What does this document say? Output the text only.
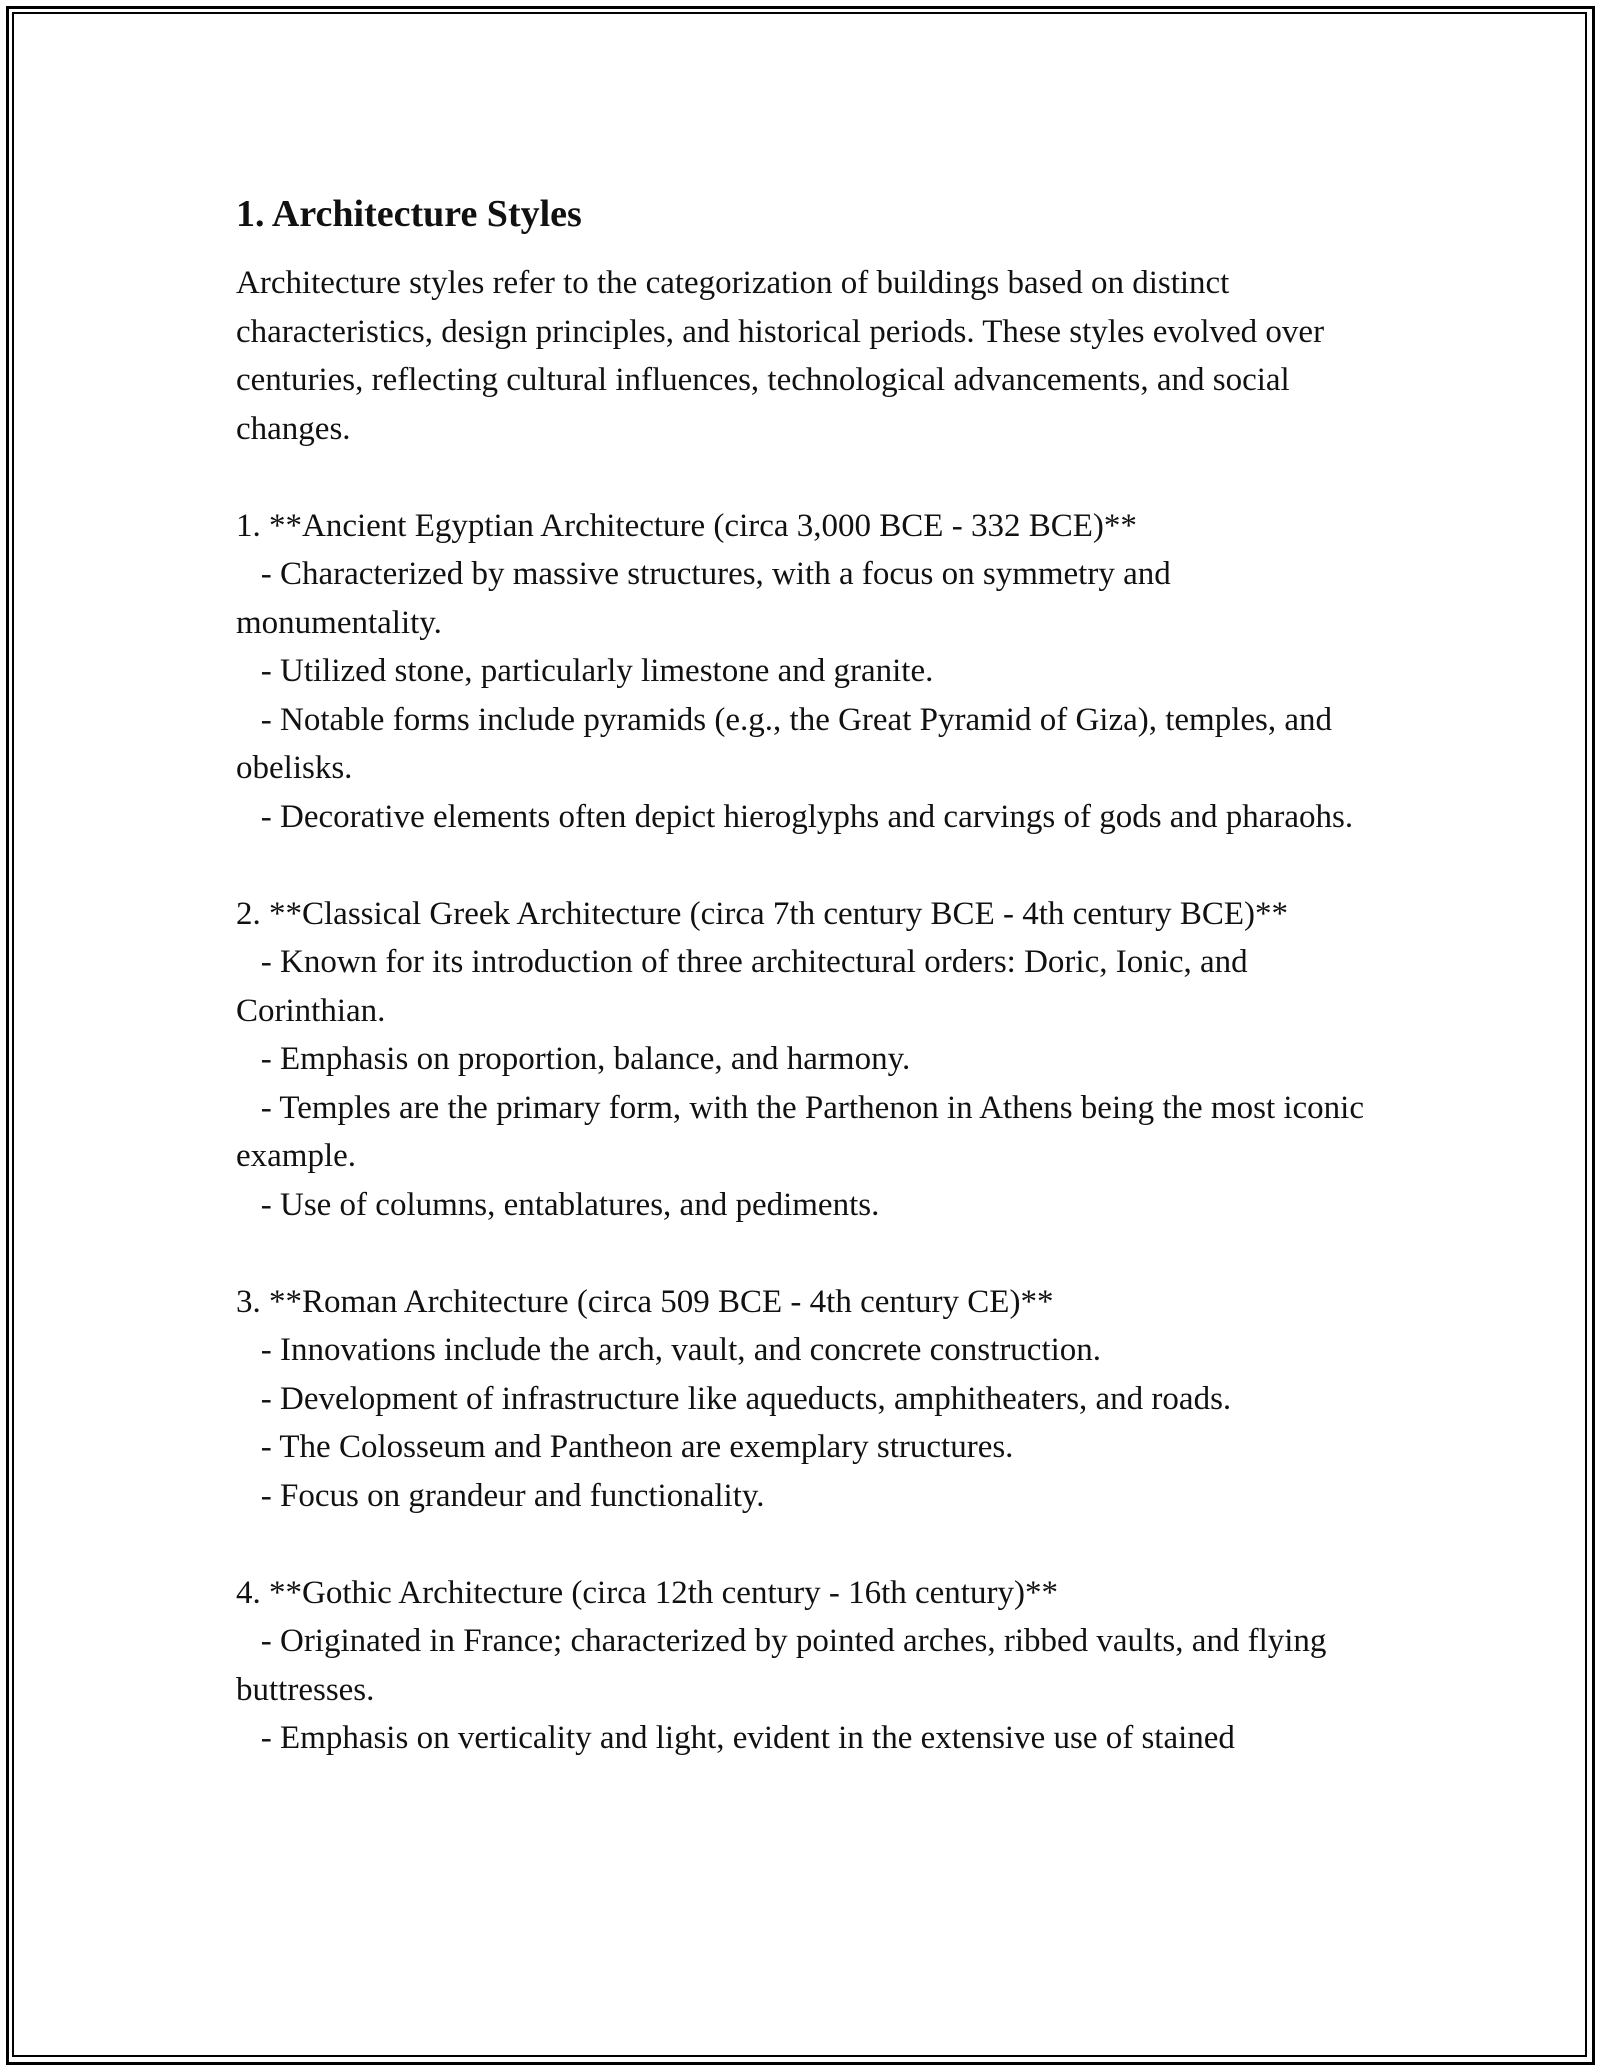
1. Architecture Styles
Architecture styles refer to the categorization of buildings based on distinct characteristics, design principles, and historical periods. These styles evolved over centuries, reflecting cultural influences, technological advancements, and social changes.
1. **Ancient Egyptian Architecture (circa 3,000 BCE - 332 BCE)**
- Characterized by massive structures, with a focus on symmetry and monumentality.
- Utilized stone, particularly limestone and granite.
- Notable forms include pyramids (e.g., the Great Pyramid of Giza), temples, and obelisks.
- Decorative elements often depict hieroglyphs and carvings of gods and pharaohs.
2. **Classical Greek Architecture (circa 7th century BCE - 4th century BCE)**
- Known for its introduction of three architectural orders: Doric, Ionic, and Corinthian.
- Emphasis on proportion, balance, and harmony.
- Temples are the primary form, with the Parthenon in Athens being the most iconic example.
- Use of columns, entablatures, and pediments.
3. **Roman Architecture (circa 509 BCE - 4th century CE)**
- Innovations include the arch, vault, and concrete construction.
- Development of infrastructure like aqueducts, amphitheaters, and roads.
- The Colosseum and Pantheon are exemplary structures.
- Focus on grandeur and functionality.
4. **Gothic Architecture (circa 12th century - 16th century)**
- Originated in France; characterized by pointed arches, ribbed vaults, and flying buttresses.
- Emphasis on verticality and light, evident in the extensive use of stained
